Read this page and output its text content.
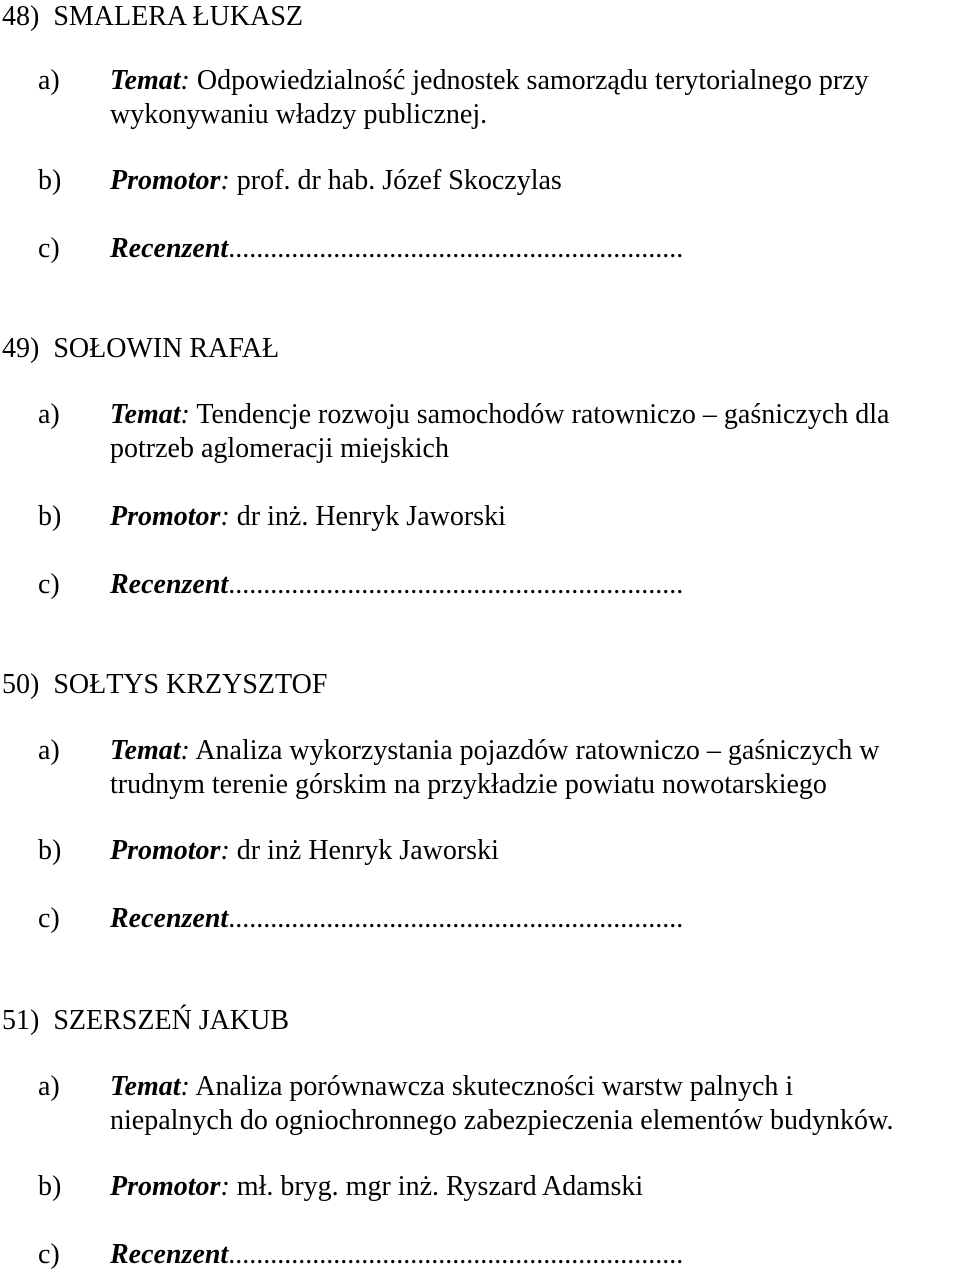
48) SMALERA ŁUKASZ
a) Temat: Odpowiedzialność jednostek samorządu terytorialnego przy
wykonywaniu władzy publicznej.
b) Promotor: prof. dr hab. Józef Skoczylas
c) Recenzent.................................................................
49) SOŁOWIN RAFAŁ
a) Temat: Tendencje rozwoju samochodów ratowniczo – gaśniczych dla
potrzeb aglomeracji miejskich
b) Promotor: dr inż. Henryk Jaworski
c) Recenzent.................................................................
50) SOŁTYS KRZYSZTOF
a) Temat: Analiza wykorzystania pojazdów ratowniczo – gaśniczych w
trudnym terenie górskim na przykładzie powiatu nowotarskiego
b) Promotor: dr inż Henryk Jaworski
c) Recenzent.................................................................
51) SZERSZEŃ JAKUB
a) Temat: Analiza porównawcza skuteczności warstw palnych i
niepalnych do ogniochronnego zabezpieczenia elementów budynków.
b) Promotor: mł. bryg. mgr inż. Ryszard Adamski
c) Recenzent.................................................................
